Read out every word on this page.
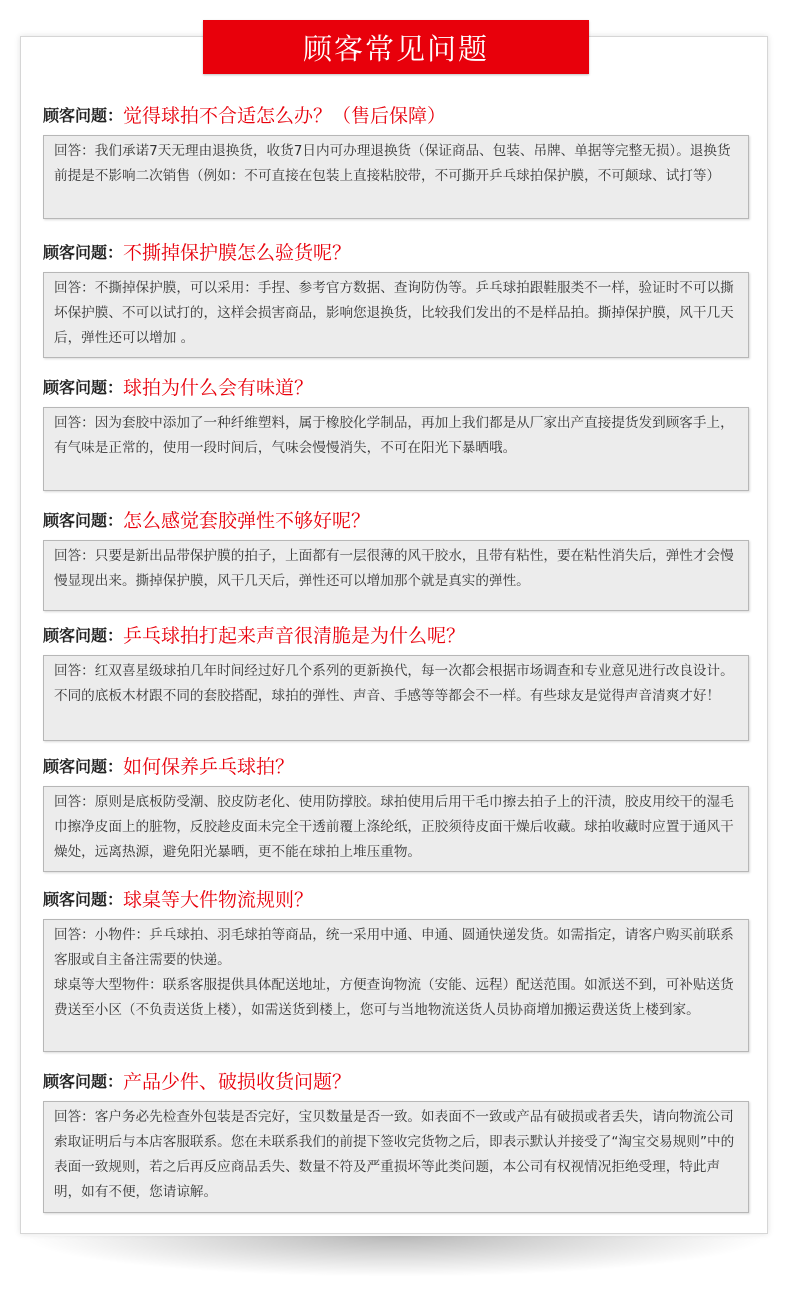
顾客常见问题
顾客问题： 觉得球拍不合适怎么办？（售后保障）

回答：我们承诺7天无理由退换货，收货7日内可办理退换货（保证商品、包装、吊牌、单据等完整无损）。退换货前提是不影响二次销售（例如：不可直接在包装上直接粘胶带，不可撕开乒乓球拍保护膜，不可颠球、试打等）

顾客问题： 不撕掉保护膜怎么验货呢？

回答：不撕掉保护膜，可以采用：手捏、参考官方数据、查询防伪等。乒乓球拍跟鞋服类不一样，验证时不可以撕坏保护膜、不可以试打的，这样会损害商品，影响您退换货，比较我们发出的不是样品拍。撕掉保护膜，风干几天后，弹性还可以增加 。

顾客问题： 球拍为什么会有味道？

回答：因为套胶中添加了一种纤维塑料，属于橡胶化学制品，再加上我们都是从厂家出产直接提货发到顾客手上，有气味是正常的，使用一段时间后，气味会慢慢消失，不可在阳光下暴晒哦。

顾客问题： 怎么感觉套胶弹性不够好呢？

回答：只要是新出品带保护膜的拍子，上面都有一层很薄的风干胶水，且带有粘性，要在粘性消失后，弹性才会慢慢显现出来。撕掉保护膜，风干几天后，弹性还可以增加那个就是真实的弹性。

顾客问题： 乒乓球拍打起来声音很清脆是为什么呢？

回答：红双喜星级球拍几年时间经过好几个系列的更新换代，每一次都会根据市场调查和专业意见进行改良设计。不同的底板木材跟不同的套胶搭配，球拍的弹性、声音、手感等等都会不一样。有些球友是觉得声音清爽才好！

顾客问题： 如何保养乒乓球拍？

回答：原则是底板防受潮、胶皮防老化、使用防撑胶。球拍使用后用干毛巾擦去拍子上的汗渍，胶皮用绞干的湿毛巾擦净皮面上的脏物，反胶趁皮面未完全干透前覆上涤纶纸，正胶须待皮面干燥后收藏。球拍收藏时应置于通风干燥处，远离热源，避免阳光暴晒，更不能在球拍上堆压重物。

顾客问题： 球桌等大件物流规则？

回答：小物件：乒乓球拍、羽毛球拍等商品，统一采用中通、申通、圆通快递发货。如需指定，请客户购买前联系客服或自主备注需要的快递。

球桌等大型物件：联系客服提供具体配送地址，方便查询物流（安能、远程）配送范围。如派送不到，可补贴送货费送至小区（不负责送货上楼），如需送货到楼上，您可与当地物流送货人员协商增加搬运费送货上楼到家。

顾客问题： 产品少件、破损收货问题？

回答：客户务必先检查外包装是否完好，宝贝数量是否一致。如表面不一致或产品有破损或者丢失，请向物流公司索取证明后与本店客服联系。您在未联系我们的前提下签收完货物之后，即表示默认并接受了“淘宝交易规则”中的表面一致规则，若之后再反应商品丢失、数量不符及严重损坏等此类问题，本公司有权视情况拒绝受理，特此声明，如有不便，您请谅解。
